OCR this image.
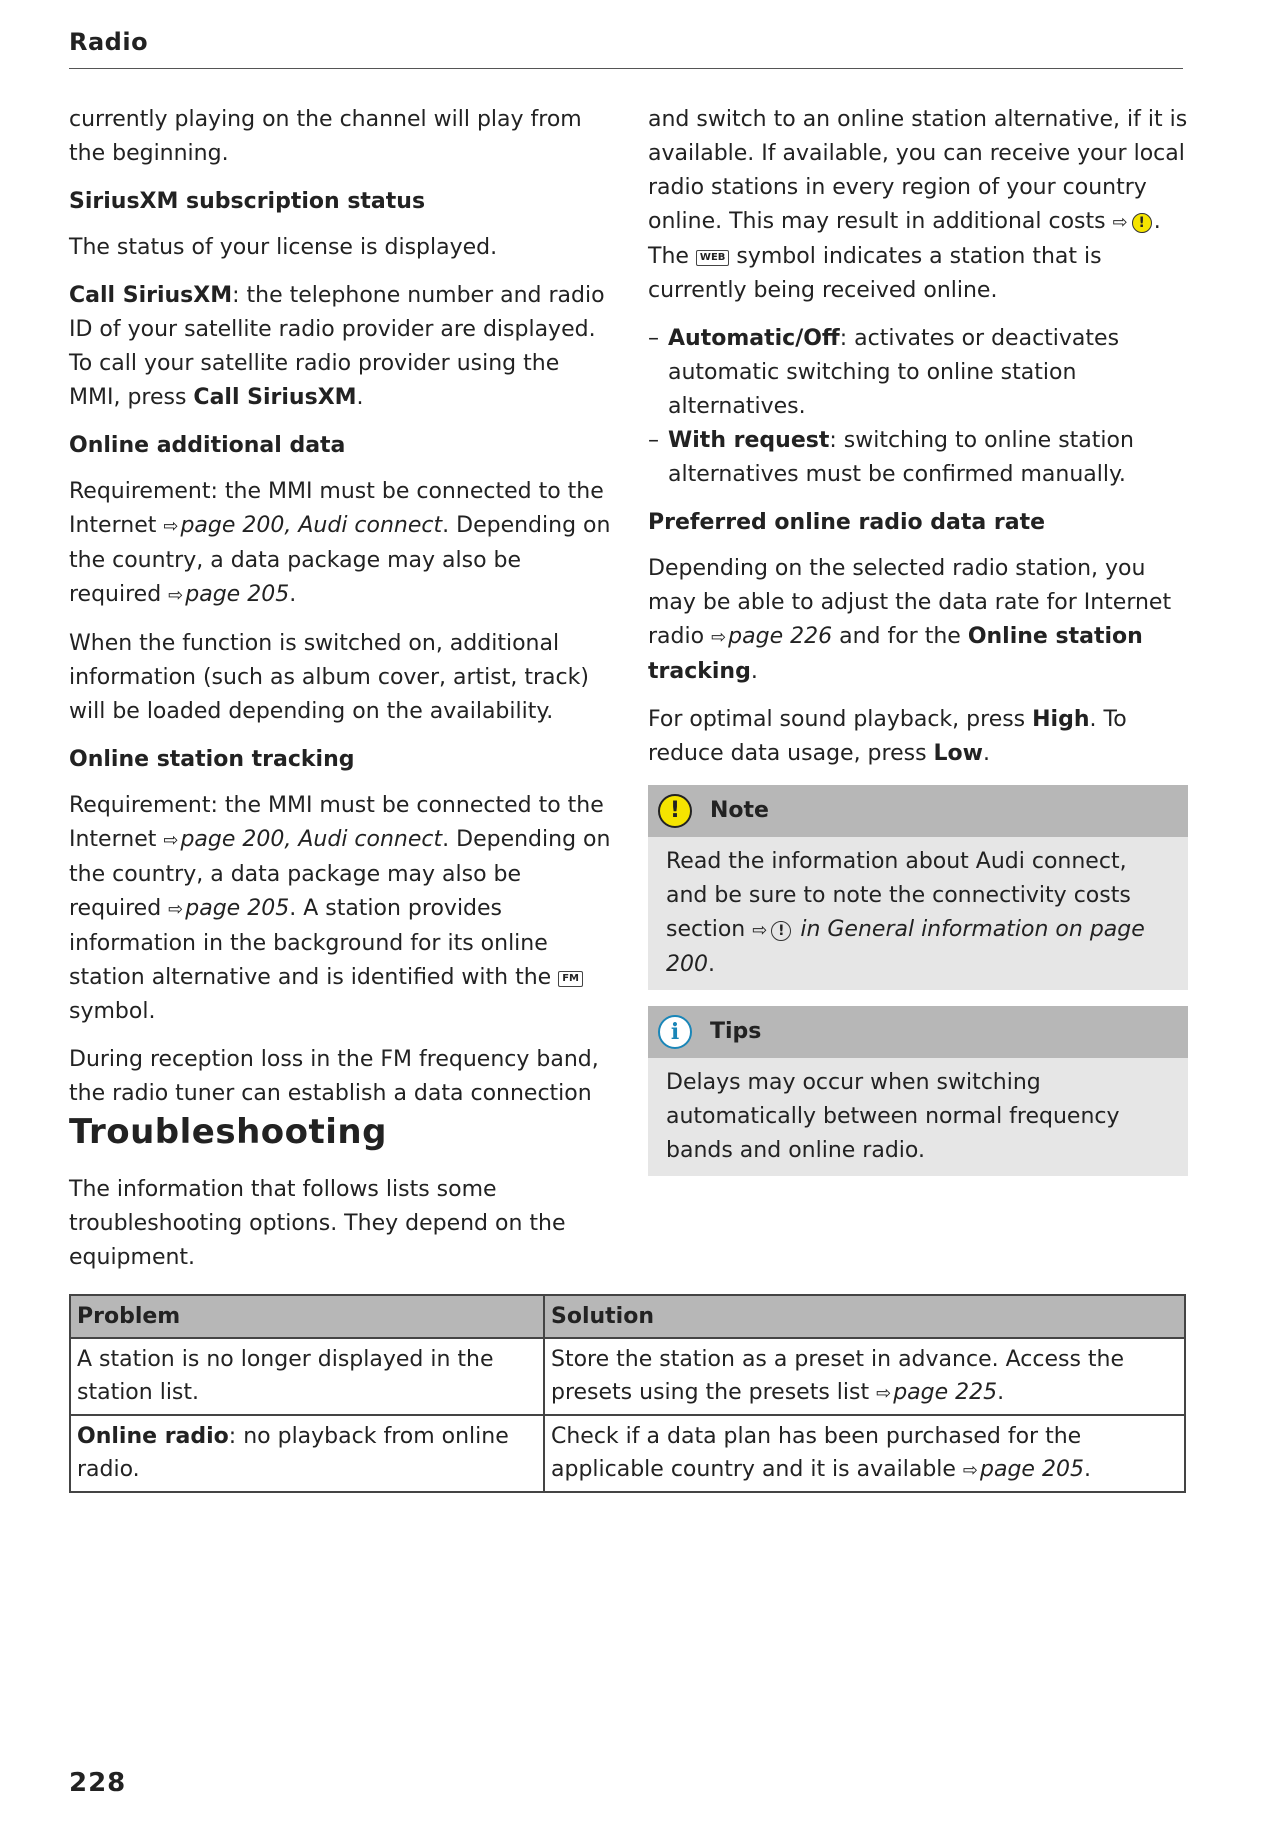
Radio

currently playing on the channel will play from the beginning.

SiriusXM subscription status

The status of your license is displayed.

Call SiriusXM: the telephone number and radio ID of your satellite radio provider are displayed. To call your satellite radio provider using the MMI, press Call SiriusXM.

Online additional data

Requirement: the MMI must be connected to the Internet ⇨page 200, Audi connect. Depending on the country, a data package may also be required ⇨page 205.

When the function is switched on, additional information (such as album cover, artist, track) will be loaded depending on the availability.

Online station tracking

Requirement: the MMI must be connected to the Internet ⇨page 200, Audi connect. Depending on the country, a data package may also be required ⇨page 205. A station provides information in the background for its online station alternative and is identified with the FM symbol.

During reception loss in the FM frequency band, the radio tuner can establish a data connection

and switch to an online station alternative, if it is available. If available, you can receive your local radio stations in every region of your country online. This may result in additional costs ⇨ ! . The WEB symbol indicates a station that is currently being received online.

– Automatic/Off: activates or deactivates automatic switching to online station alternatives.
– With request: switching to online station alternatives must be confirmed manually.
Preferred online radio data rate

Depending on the selected radio station, you may be able to adjust the data rate for Internet radio ⇨page 226 and for the Online station tracking.

For optimal sound playback, press High. To reduce data usage, press Low.

!	Note
Read the information about Audi connect, and be sure to note the connectivity costs section ⇨ ! in General information on page 200.
i	Tips
Delays may occur when switching automatically between normal frequency bands and online radio.
Troubleshooting

The information that follows lists some troubleshooting options. They depend on the equipment.

Problem	Solution
A station is no longer displayed in the station list.	Store the station as a preset in advance. Access the presets using the presets list ⇨page 225.
Online radio: no playback from online radio.	Check if a data plan has been purchased for the applicable country and it is available ⇨page 205.
228
